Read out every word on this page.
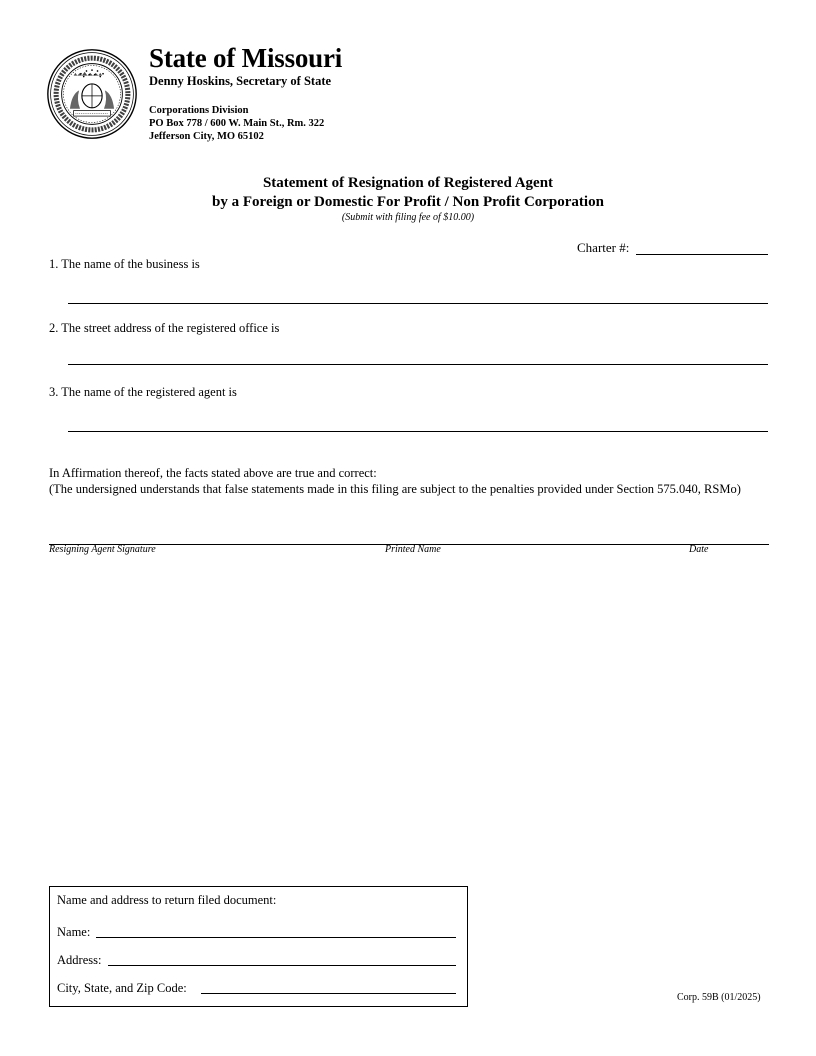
State of Missouri
Denny Hoskins, Secretary of State
Corporations Division
PO Box 778 / 600 W. Main St., Rm. 322
Jefferson City, MO 65102
Statement of Resignation of Registered Agent
by a Foreign or Domestic For Profit / Non Profit Corporation
(Submit with filing fee of $10.00)
Charter #:
1. The name of the business is
2. The street address of the registered office is
3. The name of the registered agent is
In Affirmation thereof, the facts stated above are true and correct:
(The undersigned understands that false statements made in this filing are subject to the penalties provided under Section 575.040, RSMo)
Resigning Agent Signature	Printed Name	Date
Name and address to return filed document:
Name:
Address:
City, State, and Zip Code:
Corp. 59B (01/2025)
